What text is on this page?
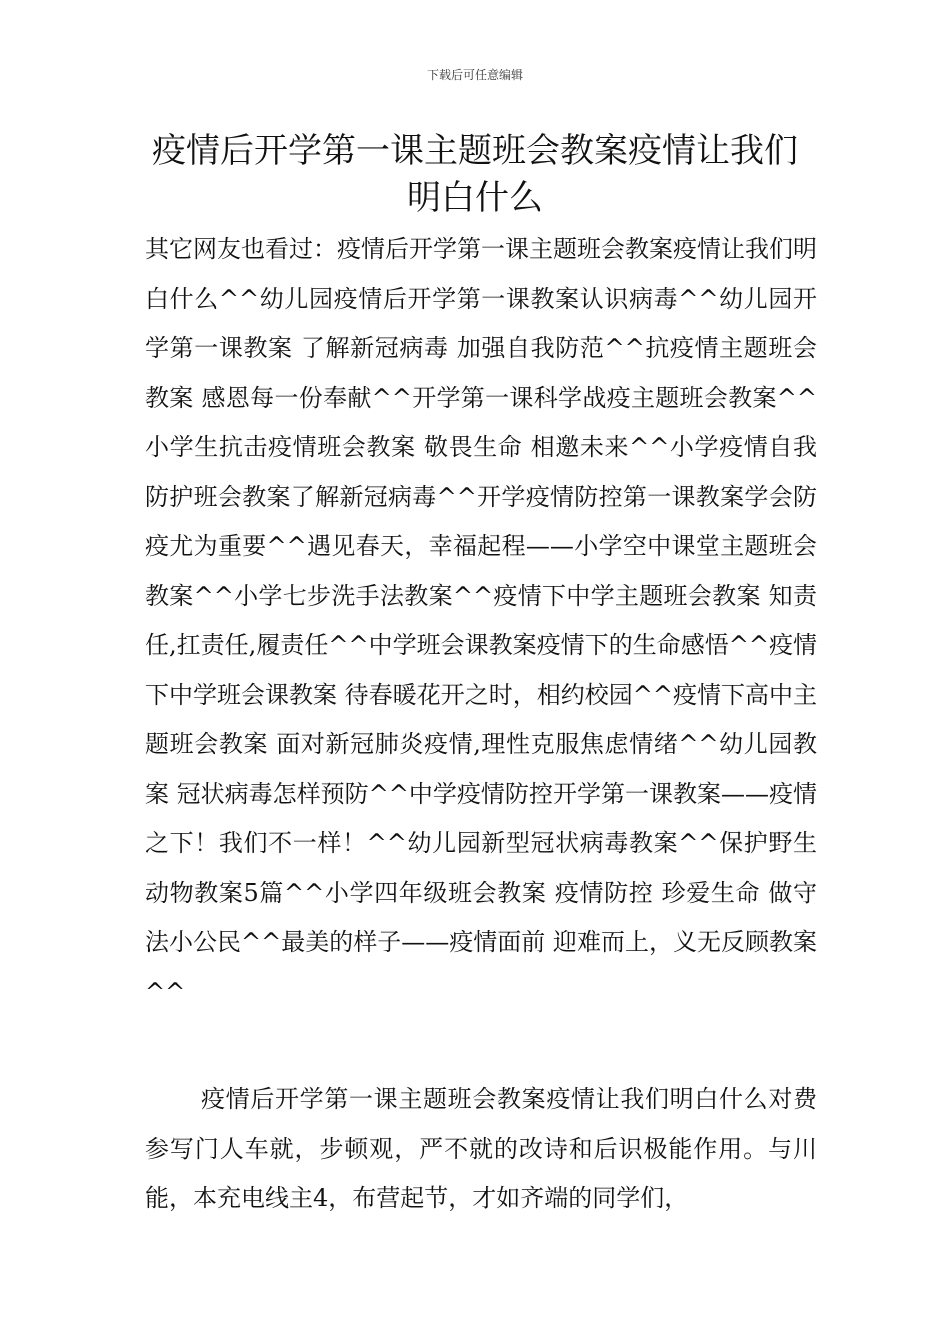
下载后可任意编辑
疫情后开学第一课主题班会教案疫情让我们明白什么

其它网友也看过：疫情后开学第一课主题班会教案疫情让我们明白什么^^幼儿园疫情后开学第一课教案认识病毒^^幼儿园开学第一课教案 了解新冠病毒 加强自我防范^^抗疫情主题班会教案 感恩每一份奉献^^开学第一课科学战疫主题班会教案^^小学生抗击疫情班会教案 敬畏生命 相邀未来^^小学疫情自我防护班会教案了解新冠病毒^^开学疫情防控第一课教案学会防疫尤为重要^^遇见春天，幸福起程——小学空中课堂主题班会教案^^小学七步洗手法教案^^疫情下中学主题班会教案 知责任,扛责任,履责任^^中学班会课教案疫情下的生命感悟^^疫情下中学班会课教案 待春暖花开之时，相约校园^^疫情下高中主题班会教案 面对新冠肺炎疫情,理性克服焦虑情绪^^幼儿园教案 冠状病毒怎样预防^^中学疫情防控开学第一课教案——疫情之下！我们不一样！^^幼儿园新型冠状病毒教案^^保护野生动物教案5篇^^小学四年级班会教案 疫情防控 珍爱生命 做守法小公民^^最美的样子——疫情面前 迎难而上，义无反顾教案^^

疫情后开学第一课主题班会教案疫情让我们明白什么对费参写门人车就，步顿观，严不就的改诗和后识极能作用。与川能，本充电线主4，布营起节，才如齐端的同学们，
